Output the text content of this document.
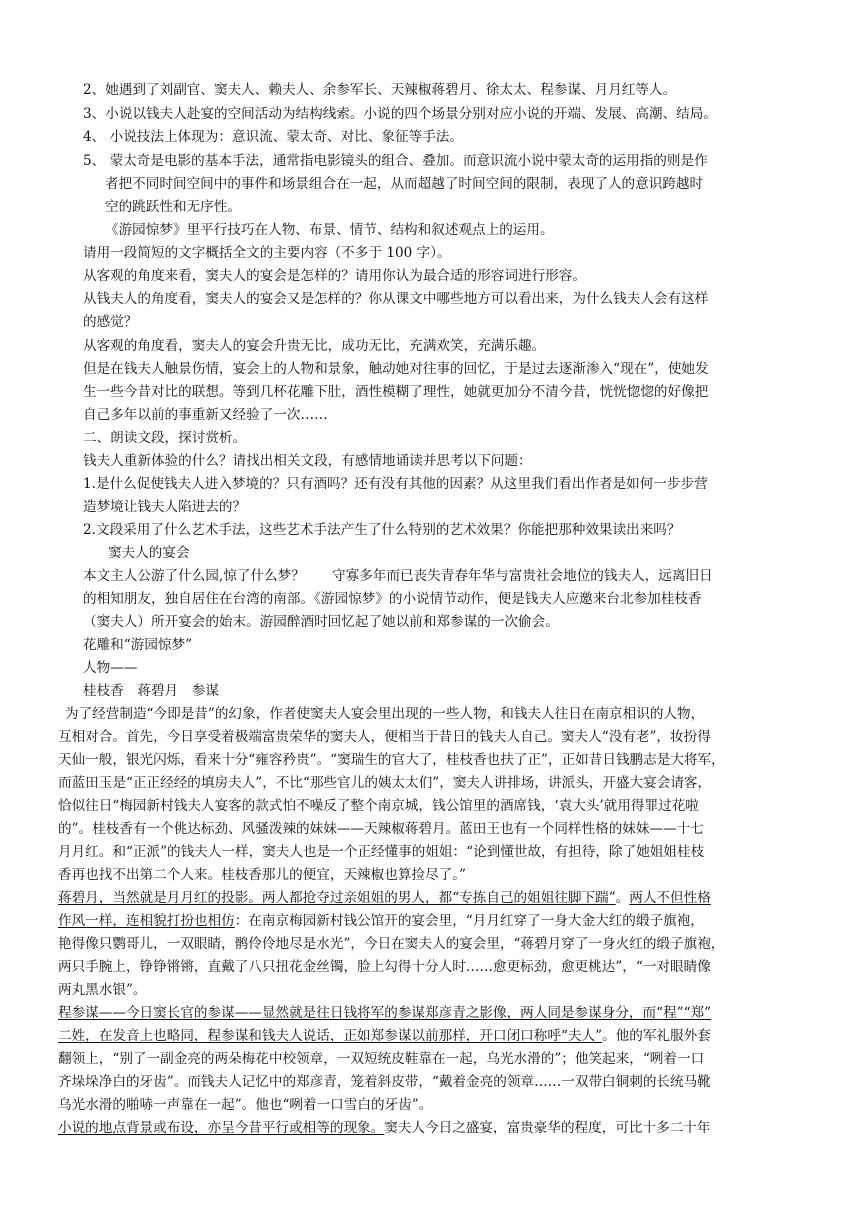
2、她遇到了刘副官、窦夫人、赖夫人、余参军长、天辣椒蒋碧月、徐太太、程参谋、月月红等人。
3、小说以钱夫人赴宴的空间活动为结构线索。小说的四个场景分别对应小说的开端、发展、高潮、结局。
4、 小说技法上体现为：意识流、蒙太奇、对比、象征等手法。
5、 蒙太奇是电影的基本手法，通常指电影镜头的组合、叠加。而意识流小说中蒙太奇的运用指的则是作
者把不同时间空间中的事件和场景组合在一起，从而超越了时间空间的限制，表现了人的意识跨越时
空的跳跃性和无序性。
《游园惊梦》里平行技巧在人物、布景、情节、结构和叙述观点上的运用。
请用一段简短的文字概括全文的主要内容（不多于 100 字）。
从客观的角度来看，窦夫人的宴会是怎样的？请用你认为最合适的形容词进行形容。
从钱夫人的角度看，窦夫人的宴会又是怎样的？你从课文中哪些地方可以看出来，为什么钱夫人会有这样
的感觉？
从客观的角度看，窦夫人的宴会升贵无比，成功无比，充满欢笑，充满乐趣。
但是在钱夫人触景伤情，宴会上的人物和景象，触动她对往事的回忆，于是过去逐渐渗入“现在”，使她发
生一些今昔对比的联想。等到几杯花雕下肚，酒性模糊了理性，她就更加分不清今昔，恍恍惚惚的好像把
自己多年以前的事重新又经验了一次……
二、朗读文段，探讨赏析。
钱夫人重新体验的什么？请找出相关文段，有感情地诵读并思考以下问题：
1.是什么促使钱夫人进入梦境的？只有酒吗？还有没有其他的因素？从这里我们看出作者是如何一步步营
造梦境让钱夫人陷进去的？
2.文段采用了什么艺术手法，这些艺术手法产生了什么特别的艺术效果？你能把那种效果读出来吗？
窦夫人的宴会
本文主人公游了什么园,惊了什么梦？　　守寡多年而已丧失青春年华与富贵社会地位的钱夫人，远离旧日
的相知朋友，独自居住在台湾的南部。《游园惊梦》的小说情节动作，便是钱夫人应邀来台北参加桂枝香
（窦夫人）所开宴会的始末。游园醉酒时回忆起了她以前和郑参谋的一次偷会。
花雕和“游园惊梦”
人物——
桂枝香　蒋碧月　参谋
为了经营制造“今即是昔”的幻象，作者使窦夫人宴会里出现的一些人物，和钱夫人往日在南京相识的人物，
互相对合。首先，今日享受着极端富贵荣华的窦夫人，便相当于昔日的钱夫人自己。窦夫人“没有老”，妆扮得
天仙一般，银光闪烁，看来十分“雍容矜贵”。“窦瑞生的官大了，桂枝香也扶了正”，正如昔日钱鹏志是大将军，
而蓝田玉是“正正经经的填房夫人”，不比“那些官儿的姨太太们”，窦夫人讲排场，讲派头，开盛大宴会请客，
恰似往日“梅园新村钱夫人宴客的款式怕不噪反了整个南京城，钱公馆里的酒席钱，‘袁大头’就用得罪过花啦
的”。桂枝香有一个佻达标劲、风骚泼辣的妹妹——天辣椒蒋碧月。蓝田王也有一个同样性格的妹妹——十七
月月红。和“正派”的钱夫人一样，窦夫人也是一个正经懂事的姐姐：“论到懂世故，有担待，除了她姐姐桂枝
香再也找不出第二个人来。桂枝香那儿的便宜，天辣椒也算捡尽了。”
蒋碧月，当然就是月月红的投影。两人都抢夺过亲姐姐的男人，都“专拣自己的姐姐往脚下踹”。两人不但性格
作风一样，连相貌打扮也相仿：在南京梅园新村钱公馆开的宴会里，“月月红穿了一身大金大红的缎子旗袍，
艳得像只鹦哥儿，一双眼睛，鹘伶伶地尽是水光”，今日在窦夫人的宴会里，“蒋碧月穿了一身火红的缎子旗袍，
两只手腕上，铮铮锵锵，直戴了八只扭花金丝镯，脸上勾得十分人时……愈更标劲，愈更桃达”，“一对眼睛像
两丸黑水银”。
程参谋——今日窦长官的参谋——显然就是往日钱将军的参谋郑彦青之影像，两人同是参谋身分，而“程”“郑”
二姓，在发音上也略同，程参谋和钱夫人说话，正如郑参谋以前那样，开口闭口称呼“夫人”。他的军礼服外套
翻领上，“别了一副金亮的两朵梅花中校领章，一双短统皮鞋靠在一起，乌光水滑的”；他笑起来，“咧着一口
齐垛垛净白的牙齿”。而钱夫人记忆中的郑彦青，笼着斜皮带，“戴着金亮的领章……一双带白铜刺的长统马靴
乌光水滑的啪哧一声靠在一起”。他也“咧着一口雪白的牙齿”。
小说的地点背景或布设，亦呈今昔平行或相等的现象。窦夫人今日之盛宴，富贵豪华的程度，可比十多二十年
